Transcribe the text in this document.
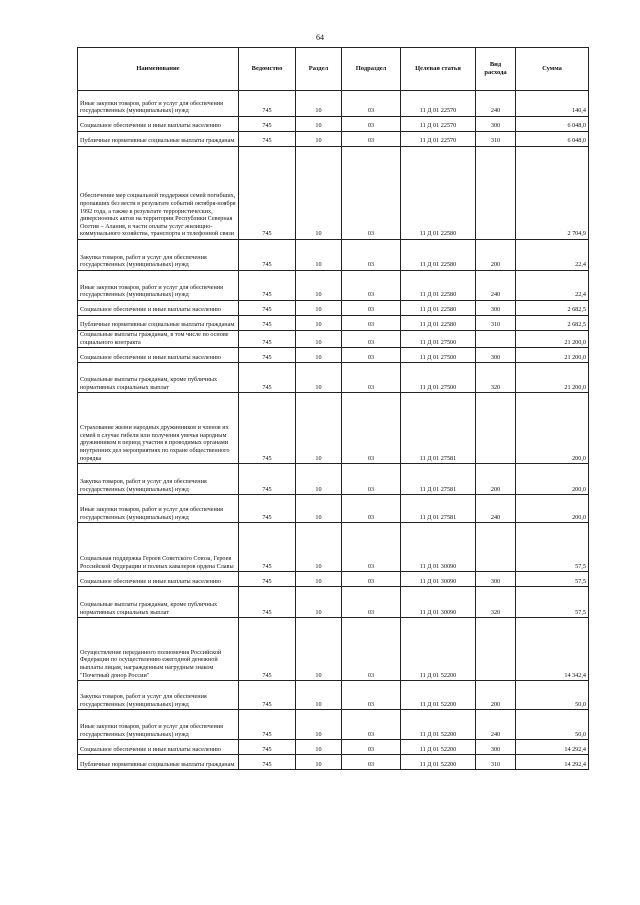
64
Наименование	Ведомство	Раздел	Подраздел	Целевая статья	Вид расхода	Сумма
Иные закупки товаров, работ и услуг для обеспечения государственных (муниципальных) нужд	745	10	03	11 Д 01 22570	240	140,4
Социальное обеспечение и иные выплаты населению	745	10	03	11 Д 01 22570	300	6 048,0
Публичные нормативные социальные выплаты гражданам	745	10	03	11 Д 01 22570	310	6 048,0
Обеспечение мер социальной поддержки семей погибших, пропавших без вести в результате событий октября-ноября 1992 года, а также в результате террористических, диверсионных актов на территории Республики Северная Осетия – Алания, в части оплаты услуг жилищно-коммунального хозяйства, транспорта и телефонной связи	745	10	03	11 Д 01 22580		2 704,9
Закупка товаров, работ и услуг для обеспечения государственных (муниципальных) нужд	745	10	03	11 Д 01 22580	200	22,4
Иные закупки товаров, работ и услуг для обеспечения государственных (муниципальных) нужд	745	10	03	11 Д 01 22580	240	22,4
Социальное обеспечение и иные выплаты населению	745	10	03	11 Д 01 22580	300	2 682,5
Публичные нормативные социальные выплаты гражданам	745	10	03	11 Д 01 22580	310	2 682,5
Социальные выплаты гражданам, в том числе по основе социального контракта	745	10	03	11 Д 01 27500		21 200,0
Социальное обеспечение и иные выплаты населению	745	10	03	11 Д 01 27500	300	21 200,0
Социальные выплаты гражданам, кроме публичных нормативных социальных выплат	745	10	03	11 Д 01 27500	320	21 200,0
Страхование жизни народных дружинников и членов их семей в случае гибели или получения увечья народным дружинником в период участия в проводимых органами внутренних дел мероприятиях по охране общественного порядка	745	10	03	11 Д 01 27581		200,0
Закупка товаров, работ и услуг для обеспечения государственных (муниципальных) нужд	745	10	03	11 Д 01 27581	200	200,0
Иные закупки товаров, работ и услуг для обеспечения государственных (муниципальных) нужд	745	10	03	11 Д 01 27581	240	200,0
Социальная поддержка Героев Советского Союза, Героев Российской Федерации и полных кавалеров ордена Славы	745	10	03	11 Д 01 30090		57,5
Социальное обеспечение и иные выплаты населению	745	10	03	11 Д 01 30090	300	57,5
Социальные выплаты гражданам, кроме публичных нормативных социальных выплат	745	10	03	11 Д 01 30090	320	57,5
Осуществление переданного полномочия Российской Федерации по осуществлению ежегодной денежной выплаты лицам, награжденным нагрудным знаком "Почетный донор России"	745	10	03	11 Д 01 52200		14 342,4
Закупка товаров, работ и услуг для обеспечения государственных (муниципальных) нужд	745	10	03	11 Д 01 52200	200	50,0
Иные закупки товаров, работ и услуг для обеспечения государственных (муниципальных) нужд	745	10	03	11 Д 01 52200	240	50,0
Социальное обеспечение и иные выплаты населению	745	10	03	11 Д 01 52200	300	14 292,4
Публичные нормативные социальные выплаты гражданам	745	10	03	11 Д 01 52200	310	14 292,4
